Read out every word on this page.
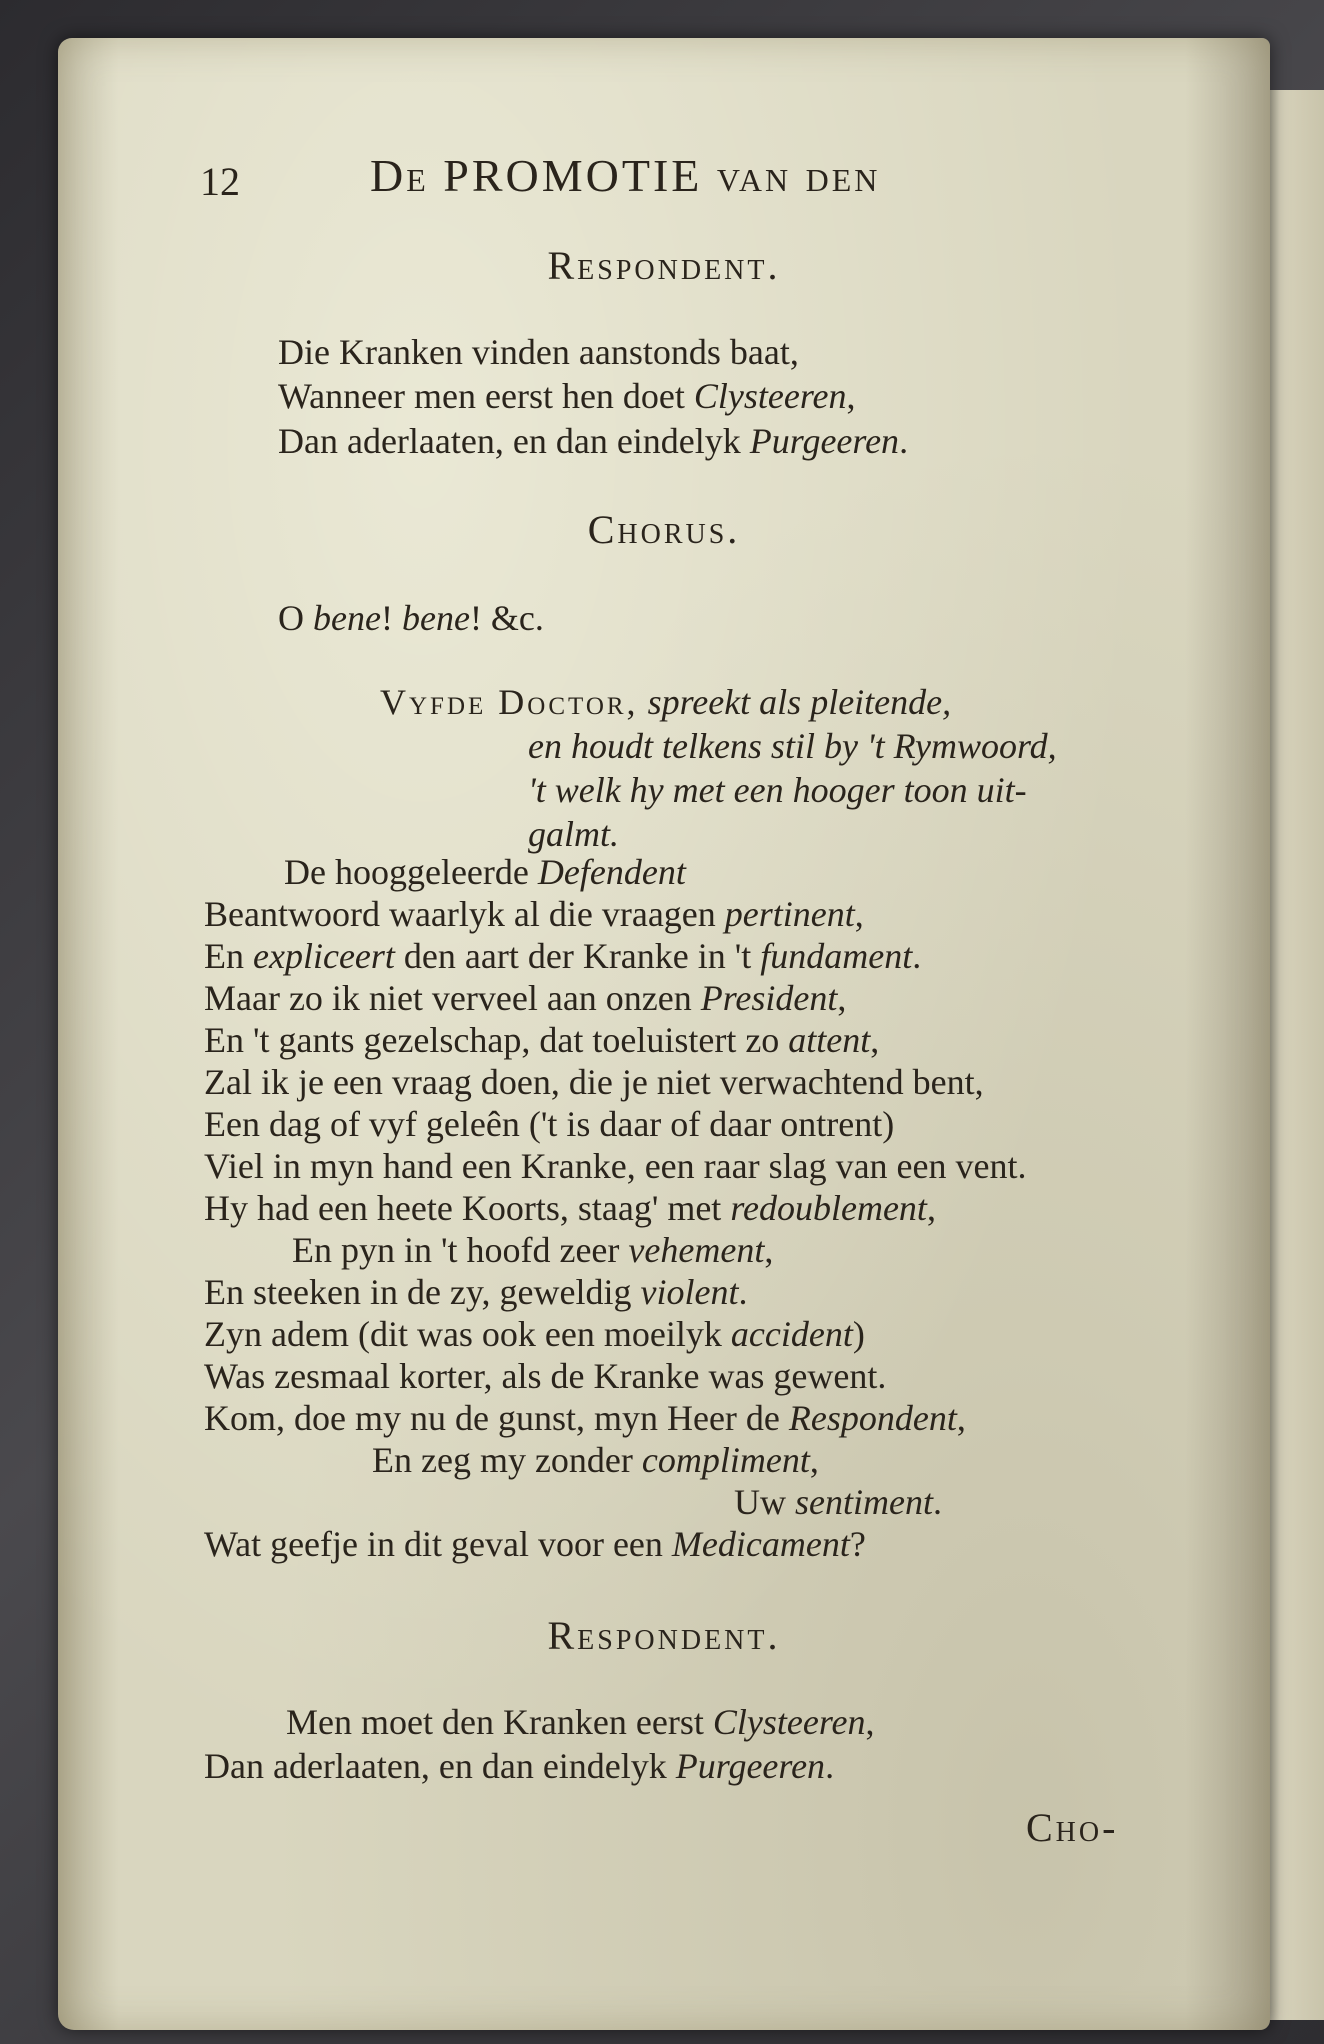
12	De PROMOTIE van den
Respondent.
Die Kranken vinden aanstonds baat,
Wanneer men eerst hen doet Clysteeren,
Dan aderlaaten, en dan eindelyk Purgeeren.
Chorus.
O bene! bene! &c.
Vyfde Doctor, spreekt als pleitende,
en houdt telkens stil by 't Rymwoord,
't welk hy met een hooger toon uit-
galmt.
De hooggeleerde Defendent
Beantwoord waarlyk al die vraagen pertinent,
En expliceert den aart der Kranke in 't fundament.
Maar zo ik niet verveel aan onzen President,
En 't gants gezelschap, dat toeluistert zo attent,
Zal ik je een vraag doen, die je niet verwachtend bent,
Een dag of vyf geleên ('t is daar of daar ontrent)
Viel in myn hand een Kranke, een raar slag van een vent.
Hy had een heete Koorts, staag' met redoublement,
En pyn in 't hoofd zeer vehement,
En steeken in de zy, geweldig violent.
Zyn adem (dit was ook een moeilyk accident)
Was zesmaal korter, als de Kranke was gewent.
Kom, doe my nu de gunst, myn Heer de Respondent,
En zeg my zonder compliment,
Uw sentiment.
Wat geefje in dit geval voor een Medicament?
Respondent.
Men moet den Kranken eerst Clysteeren,
Dan aderlaaten, en dan eindelyk Purgeeren.
Cho-
